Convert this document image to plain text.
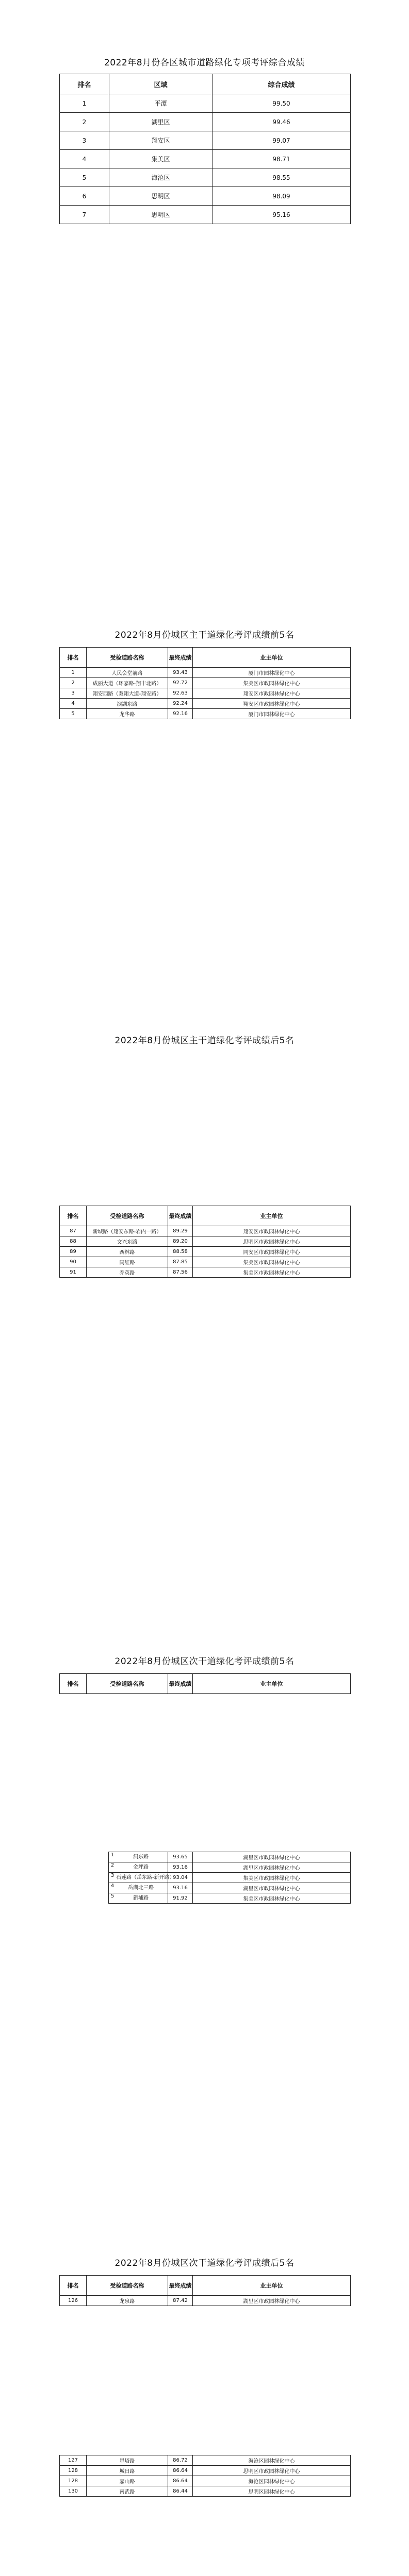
2022年8月份各区城市道路绿化专项考评综合成绩
排名	区域	综合成绩
1	平潭	99.50
2	湖里区	99.46
3	翔安区	99.07
4	集美区	98.71
5	海沧区	98.55
6	思明区	98.09
7	思明区	95.16
2022年8月份城区主干道绿化考评成绩前5名
排名	受检道路名称	最终成绩	业主单位
1	人民会堂前路	93.43	厦门市园林绿化中心
2	成丽大道（环嘉路-翔丰北路）	92.72	集美区市政园林绿化中心
3	翔安西路（双翔大道-翔安路）	92.63	翔安区市政园林绿化中心
4	滨湖东路	92.24	翔安区市政园林绿化中心
5	龙华路	92.16	厦门市园林绿化中心
2022年8月份城区主干道绿化考评成绩后5名
排名	受检道路名称	最终成绩	业主单位
87	新城路（翔安东路-岩内一路）	89.29	翔安区市政园林绿化中心
88	文兴东路	89.20	思明区市政园林绿化中心
89	西林路	88.58	同安区市政园林绿化中心
90	同红路	87.85	集美区市政园林绿化中心
91	乔英路	87.56	集美区市政园林绿化中心
2022年8月份城区次干道绿化考评成绩前5名
排名	受检道路名称	最终成绩	业主单位
1 洞东路	93.65	湖里区市政园林绿化中心
2 金坪路	93.16	湖里区市政园林绿化中心
3 石莲路（岳东路-新开路）	93.04	集美区市政园林绿化中心
4 岳湖北三路	93.16	湖里区市政园林绿化中心
5 新埔路	91.92	集美区市政园林绿化中心
2022年8月份城区次干道绿化考评成绩后5名
排名	受检道路名称	最终成绩	业主单位
126	龙泉路	87.42	湖里区市政园林绿化中心
127	星塔路	86.72	海沧区园林绿化中心
128	城日路	86.64	思明区市政园林绿化中心
128	嘉山路	86.64	海沧区园林绿化中心
130	南武路	86.44	思明区园林绿化中心
